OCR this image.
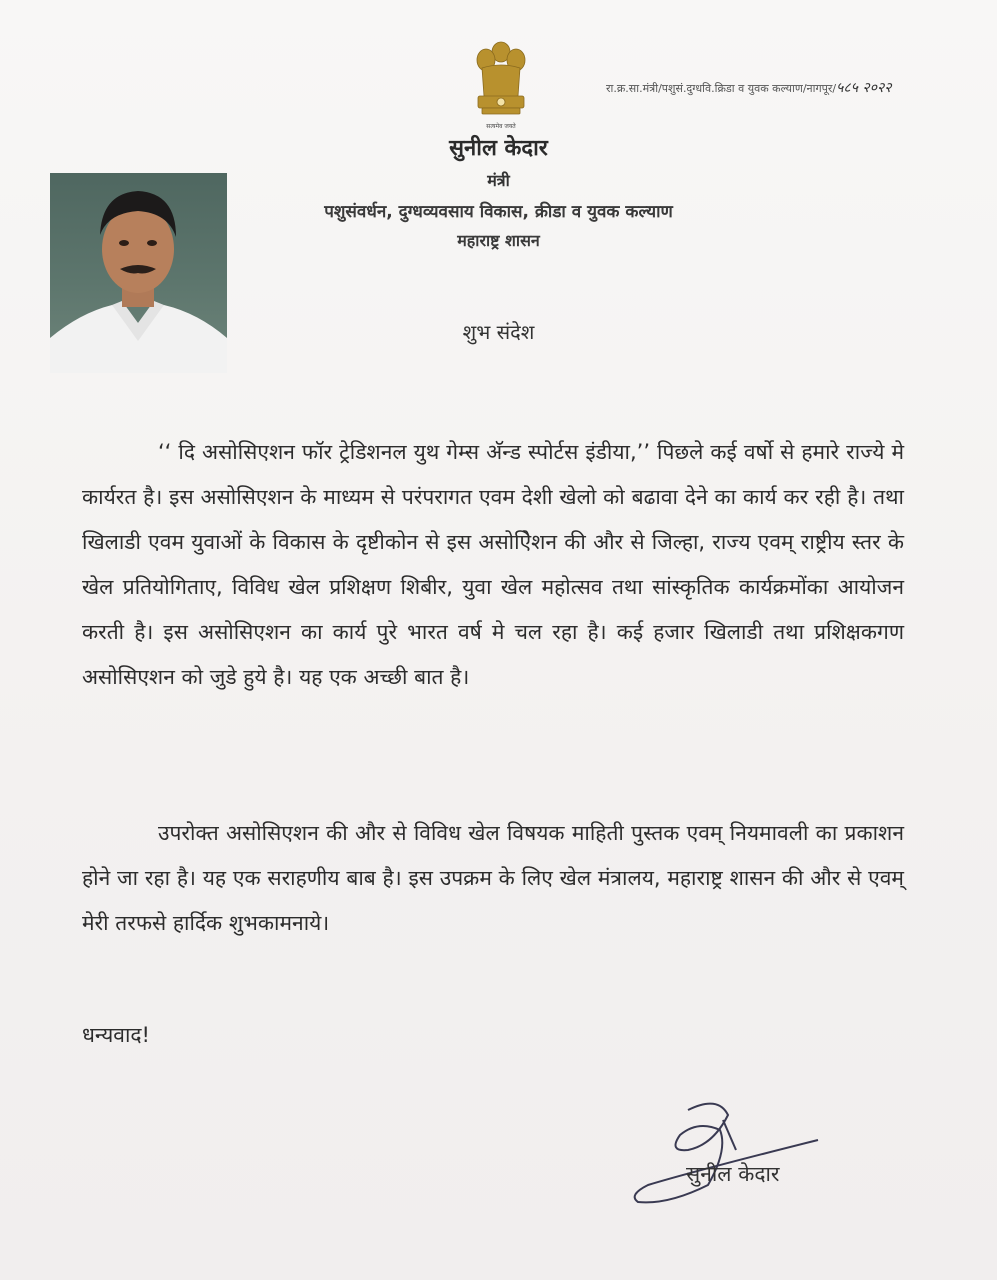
सत्यमेव जयते
रा.क्र.सा.मंत्री/पशुसं.दुग्धवि.क्रिडा व युवक कल्याण/नागपूर/५८५ २०२२
सुनील केदार
मंत्री
पशुसंवर्धन, दुग्धव्यवसाय विकास, क्रीडा व युवक कल्याण
महाराष्ट्र शासन
शुभ संदेश
‘‘ दि असोसिएशन फॉर ट्रेडिशनल युथ गेम्स अ‍ॅन्ड स्पोर्टस इंडीया,’’ पिछले कई वर्षो से हमारे राज्ये मे कार्यरत है। इस असोसिएशन के माध्यम से परंपरागत एवम देशी खेलो को बढावा देने का कार्य कर रही है। तथा खिलाडी एवम युवाओं के विकास के दृष्टीकोन से इस असोऐिशन की और से जिल्हा, राज्य एवम् राष्ट्रीय स्तर के खेल प्रतियोगिताए, विविध खेल प्रशिक्षण शिबीर, युवा खेल महोत्सव तथा सांस्कृतिक कार्यक्रमोंका आयोजन करती है। इस असोसिएशन का कार्य पुरे भारत वर्ष मे चल रहा है। कई हजार खिलाडी तथा प्रशिक्षकगण असोसिएशन को जुडे हुये है। यह एक अच्छी बात है।
उपरोक्त असोसिएशन की और से विविध खेल विषयक माहिती पुस्तक एवम् नियमावली का प्रकाशन होने जा रहा है। यह एक सराहणीय बाब है। इस उपक्रम के लिए खेल मंत्रालय, महाराष्ट्र शासन की और से एवम् मेरी तरफसे हार्दिक शुभकामनाये।
धन्यवाद!
सुनील केदार
